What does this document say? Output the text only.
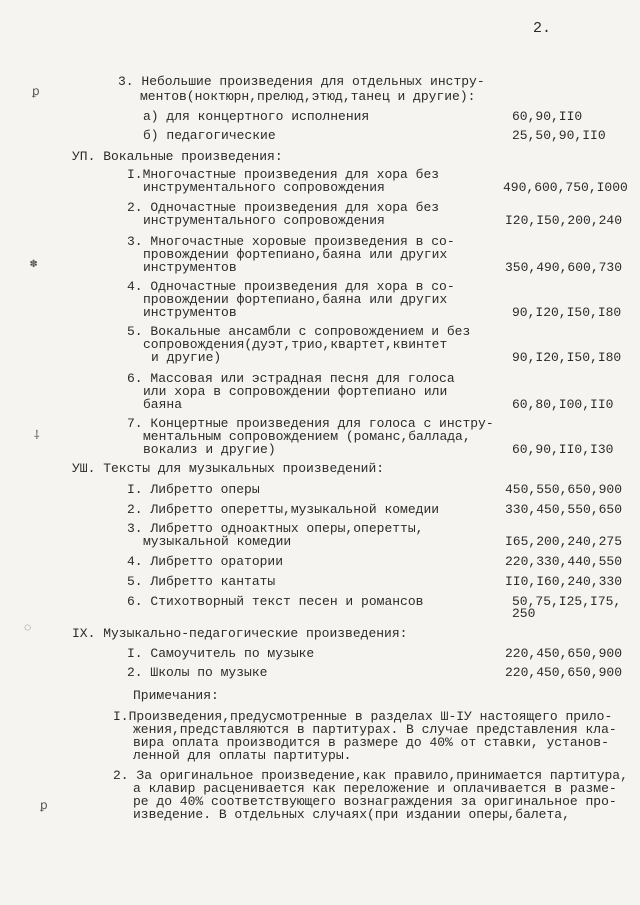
2.
ꝑ
✽
⸸
◌
ꝑ
3. Небольшие произведения для отдельных инстру-
ментов(ноктюрн,прелюд,этюд,танец и другие):
а) для концертного исполнения	60,90,II0
б) педагогические	25,50,90,II0
УП. Вокальные произведения:
I.Многочастные произведения для хора без
инструментального сопровождения	490,600,750,I000
2. Одночастные произведения для хора без
инструментального сопровождения	I20,I50,200,240
3. Многочастные хоровые произведения в со-
провождении фортепиано,баяна или других
инструментов	350,490,600,730
4. Одночастные произведения для хора в со-
провождении фортепиано,баяна или других
инструментов	90,I20,I50,I80
5. Вокальные ансамбли с сопровождением и без
сопровождения(дуэт,трио,квартет,квинтет
и другие)	90,I20,I50,I80
6. Массовая или эстрадная песня для голоса
или хора в сопровождении фортепиано или
баяна	60,80,I00,II0
7. Концертные произведения для голоса с инстру-
ментальным сопровождением (романс,баллада,
вокализ и другие)	60,90,II0,I30
УШ. Тексты для музыкальных произведений:
I. Либретто оперы	450,550,650,900
2. Либретто оперетты,музыкальной комедии	330,450,550,650
3. Либретто одноактных оперы,оперетты,
музыкальной комедии	I65,200,240,275
4. Либретто оратории	220,330,440,550
5. Либретто кантаты	II0,I60,240,330
6. Стихотворный текст песен и романсов	50,75,I25,I75,
250
IX. Музыкально-педагогические произведения:
I. Самоучитель по музыке	220,450,650,900
2. Школы по музыке	220,450,650,900
Примечания:
I.Произведения,предусмотренные в разделах Ш-IУ настоящего прило-
жения,представляются в партитурах. В случае представления кла-
вира оплата производится в размере до 40% от ставки, установ-
ленной для оплаты партитуры.
2. За оригинальное произведение,как правило,принимается партитура,
а клавир расценивается как переложение и оплачивается в разме-
ре до 40% соответствующего вознаграждения за оригинальное про-
изведение. В отдельных случаях(при издании оперы,балета,
